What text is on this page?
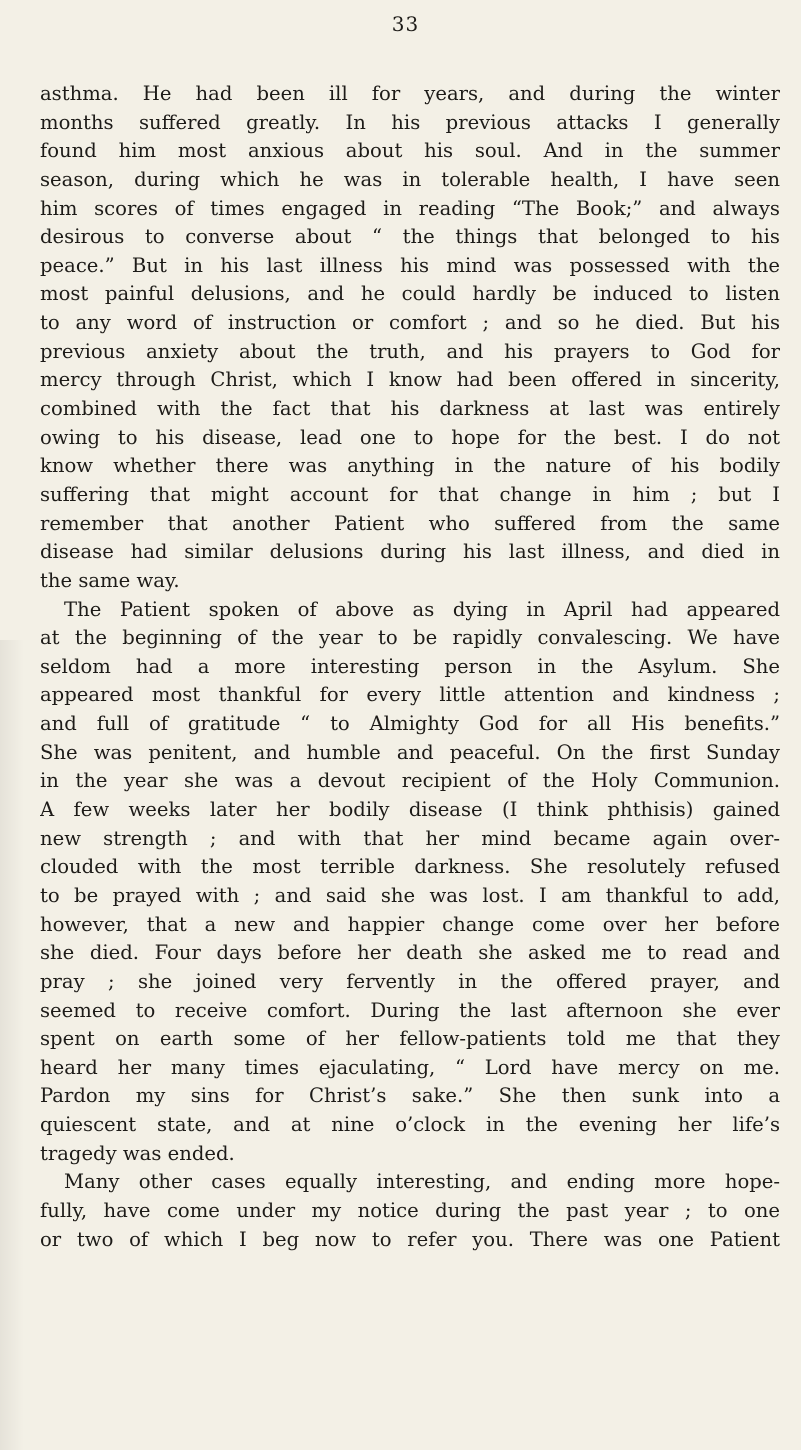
33
asthma. He had been ill for years, and during the winter
months suffered greatly. In his previous attacks I generally
found him most anxious about his soul. And in the summer
season, during which he was in tolerable health, I have seen
him scores of times engaged in reading “The Book;” and always
desirous to converse about “ the things that belonged to his
peace.” But in his last illness his mind was possessed with the
most painful delusions, and he could hardly be induced to listen
to any word of instruction or comfort ; and so he died. But his
previous anxiety about the truth, and his prayers to God for
mercy through Christ, which I know had been offered in sincerity,
combined with the fact that his darkness at last was entirely
owing to his disease, lead one to hope for the best. I do not
know whether there was anything in the nature of his bodily
suffering that might account for that change in him ; but I
remember that another Patient who suffered from the same
disease had similar delusions during his last illness, and died in
the same way.
The Patient spoken of above as dying in April had appeared
at the beginning of the year to be rapidly convalescing. We have
seldom had a more interesting person in the Asylum. She
appeared most thankful for every little attention and kindness ;
and full of gratitude “ to Almighty God for all His benefits.”
She was penitent, and humble and peaceful. On the first Sunday
in the year she was a devout recipient of the Holy Communion.
A few weeks later her bodily disease (I think phthisis) gained
new strength ; and with that her mind became again over-
clouded with the most terrible darkness. She resolutely refused
to be prayed with ; and said she was lost. I am thankful to add,
however, that a new and happier change come over her before
she died. Four days before her death she asked me to read and
pray ; she joined very fervently in the offered prayer, and
seemed to receive comfort. During the last afternoon she ever
spent on earth some of her fellow-patients told me that they
heard her many times ejaculating, “ Lord have mercy on me.
Pardon my sins for Christ’s sake.” She then sunk into a
quiescent state, and at nine o’clock in the evening her life’s
tragedy was ended.
Many other cases equally interesting, and ending more hope-
fully, have come under my notice during the past year ; to one
or two of which I beg now to refer you. There was one Patient
